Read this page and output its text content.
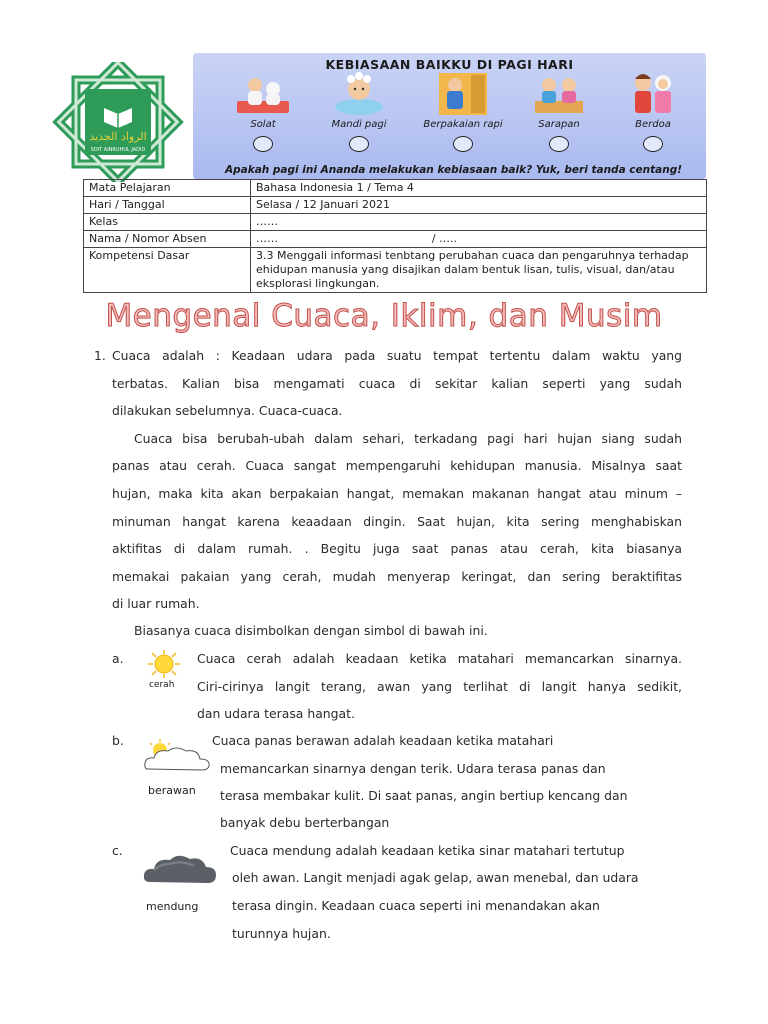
الرواد الجديد
SDIT AINRUHUL JADID
KEBIASAAN BAIKKU DI PAGI HARI
Solat	Mandi pagi	Berpakaian rapi	Sarapan	Berdoa
Apakah pagi ini Ananda melakukan kebiasaan baik? Yuk, beri tanda centang!
Mata Pelajaran	Bahasa Indonesia 1 / Tema 4
Hari / Tanggal	Selasa / 12 Januari 2021
Kelas	……
Nama / Nomor Absen	……                                            / …..
Kompetensi Dasar	3.3 Menggali informasi tenbtang perubahan cuaca dan pengaruhnya terhadap ehidupan manusia yang disajikan dalam bentuk lisan, tulis, visual, dan/atau eksplorasi lingkungan.
Mengenal Cuaca, Iklim, dan Musim
1. Cuaca adalah : Keadaan udara pada suatu tempat tertentu dalam waktu yang
terbatas. Kalian bisa mengamati cuaca di sekitar kalian seperti yang sudah
dilakukan sebelumnya. Cuaca-cuaca.
Cuaca bisa berubah-ubah dalam sehari, terkadang pagi hari hujan siang sudah
panas atau cerah. Cuaca sangat mempengaruhi kehidupan manusia. Misalnya saat
hujan, maka kita akan berpakaian hangat, memakan makanan hangat atau minum –
minuman hangat karena keaadaan dingin. Saat hujan, kita sering menghabiskan
aktifitas di dalam rumah. . Begitu juga saat panas atau cerah, kita biasanya
memakai pakaian yang cerah, mudah menyerap keringat, dan sering beraktifitas
di luar rumah.
Biasanya cuaca disimbolkan dengan simbol di bawah ini.
a.
cerah
Cuaca cerah adalah keadaan ketika matahari memancarkan sinarnya.
Ciri-cirinya langit terang, awan yang terlihat di langit hanya sedikit,
dan udara terasa hangat.
b.
berawan
Cuaca panas berawan adalah keadaan ketika matahari
memancarkan sinarnya dengan terik. Udara terasa panas dan
terasa membakar kulit. Di saat panas, angin bertiup kencang dan
banyak debu berterbangan
c.
mendung
Cuaca mendung adalah keadaan ketika sinar matahari tertutup
oleh awan. Langit menjadi agak gelap, awan menebal, dan udara
terasa dingin. Keadaan cuaca seperti ini menandakan akan
turunnya hujan.
